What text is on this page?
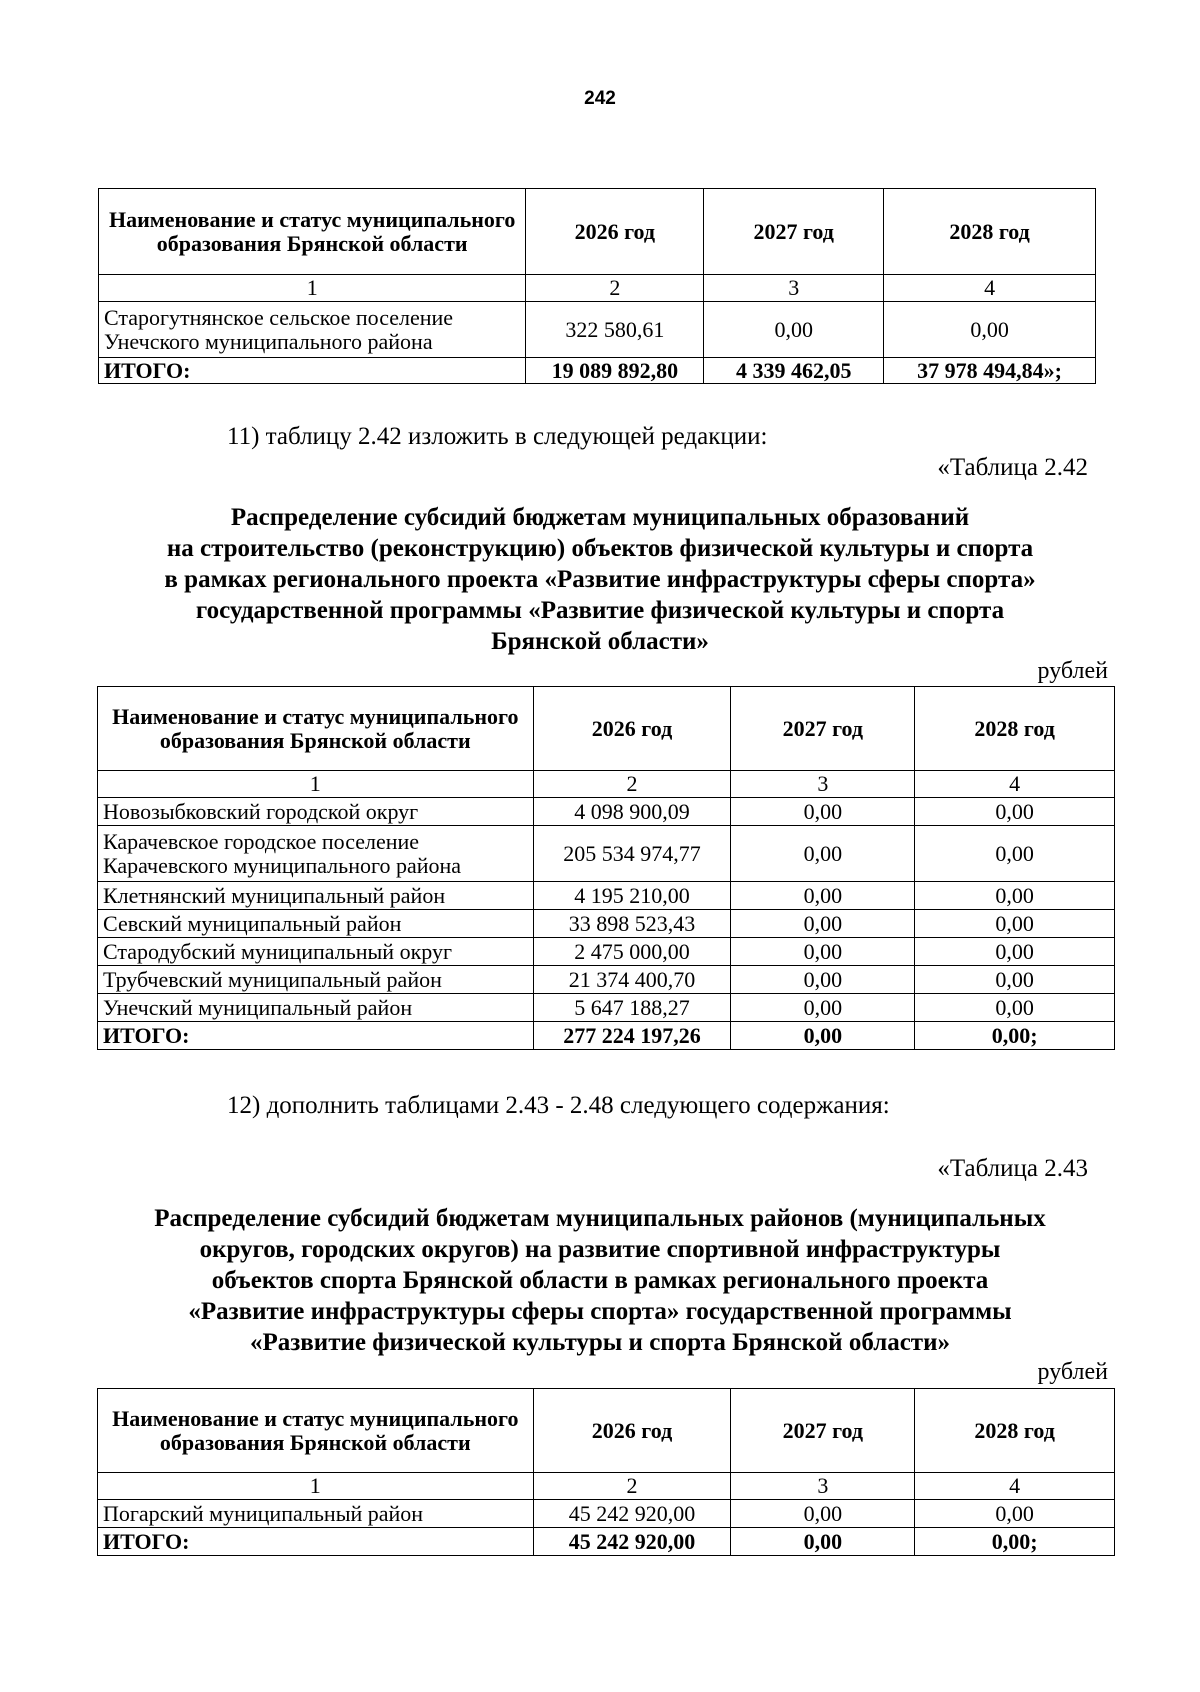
242
Наименование и статус муниципального образования Брянской области	2026 год	2027 год	2028 год
1	2	3	4
Старогутнянское сельское поселение Унечского муниципального района	322 580,61	0,00	0,00
ИТОГО:	19 089 892,80	4 339 462,05	37 978 494,84»;
11) таблицу 2.42 изложить в следующей редакции:
«Таблица 2.42
Распределение субсидий бюджетам муниципальных образований
на строительство (реконструкцию) объектов физической культуры и спорта
в рамках регионального проекта «Развитие инфраструктуры сферы спорта»
государственной программы «Развитие физической культуры и спорта
Брянской области»
рублей
Наименование и статус муниципального образования Брянской области	2026 год	2027 год	2028 год
1	2	3	4
Новозыбковский городской округ	4 098 900,09	0,00	0,00
Карачевское городское поселение Карачевского муниципального района	205 534 974,77	0,00	0,00
Клетнянский муниципальный район	4 195 210,00	0,00	0,00
Севский муниципальный район	33 898 523,43	0,00	0,00
Стародубский муниципальный округ	2 475 000,00	0,00	0,00
Трубчевский муниципальный район	21 374 400,70	0,00	0,00
Унечский муниципальный район	5 647 188,27	0,00	0,00
ИТОГО:	277 224 197,26	0,00	0,00;
12) дополнить таблицами 2.43 - 2.48 следующего содержания:
«Таблица 2.43
Распределение субсидий бюджетам муниципальных районов (муниципальных
округов, городских округов) на развитие спортивной инфраструктуры
объектов спорта Брянской области в рамках регионального проекта
«Развитие инфраструктуры сферы спорта» государственной программы
«Развитие физической культуры и спорта Брянской области»
рублей
Наименование и статус муниципального образования Брянской области	2026 год	2027 год	2028 год
1	2	3	4
Погарский муниципальный район	45 242 920,00	0,00	0,00
ИТОГО:	45 242 920,00	0,00	0,00;
